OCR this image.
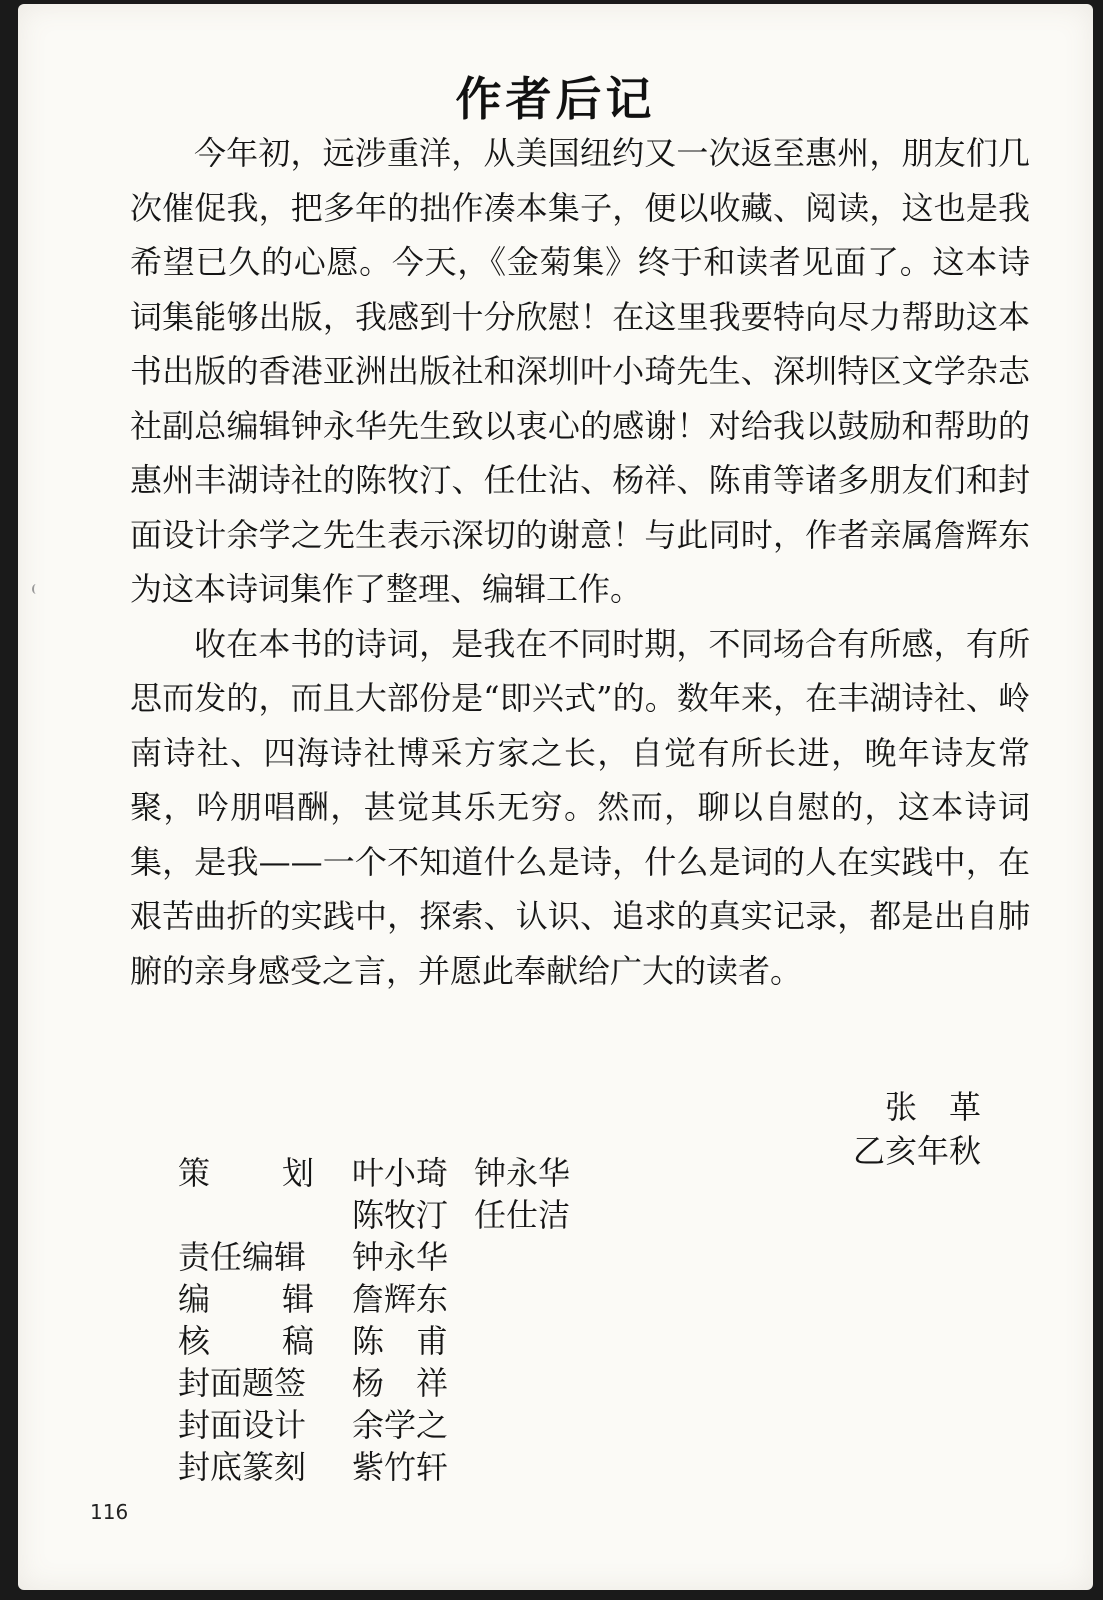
作者后记

今年初，远涉重洋，从美国纽约又一次返至惠州，朋友们几次催促我，把多年的拙作凑本集子，便以收藏、阅读，这也是我希望已久的心愿。今天，《金菊集》终于和读者见面了。这本诗词集能够出版，我感到十分欣慰！在这里我要特向尽力帮助这本书出版的香港亚洲出版社和深圳叶小琦先生、深圳特区文学杂志社副总编辑钟永华先生致以衷心的感谢！对给我以鼓励和帮助的惠州丰湖诗社的陈牧汀、任仕沾、杨祥、陈甫等诸多朋友们和封面设计余学之先生表示深切的谢意！与此同时，作者亲属詹辉东为这本诗词集作了整理、编辑工作。

收在本书的诗词，是我在不同时期，不同场合有所感，有所思而发的，而且大部份是“即兴式”的。数年来，在丰湖诗社、岭南诗社、四海诗社博采方家之长，自觉有所长进，晚年诗友常聚，吟朋唱酬，甚觉其乐无穷。然而，聊以自慰的，这本诗词集，是我——一个不知道什么是诗，什么是词的人在实践中，在艰苦曲折的实践中，探索、认识、追求的真实记录，都是出自肺腑的亲身感受之言，并愿此奉献给广大的读者。

张　革
乙亥年秋
策 划 叶小琦 钟永华
陈牧汀 任仕洁
责任编辑 钟永华
编 辑 詹辉东
核 稿 陈　甫
封面题签 杨　祥
封面设计 余学之
封底篆刻 紫竹轩
116
